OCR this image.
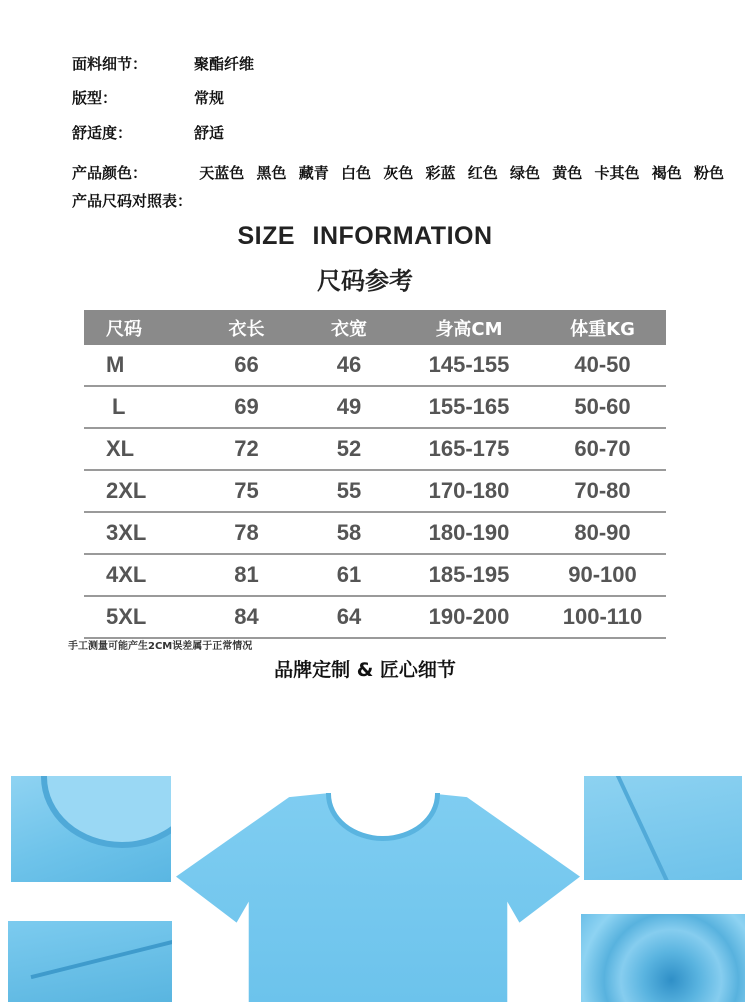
面料细节：	聚酯纤维
版型：	常规
舒适度：	舒适
产品颜色：	天蓝色 黑色 藏青 白色 灰色 彩蓝 红色 绿色 黄色 卡其色 褐色 粉色
产品尺码对照表：
SIZE INFORMATION
尺码参考
尺码	衣长	衣宽	身高CM	体重KG
M	66	46	145-155	40-50
L	69	49	155-165	50-60
XL	72	52	165-175	60-70
2XL	75	55	170-180	70-80
3XL	78	58	180-190	80-90
4XL	81	61	185-195	90-100
5XL	84	64	190-200	100-110
手工测量可能产生2CM误差属于正常情况
品牌定制 & 匠心细节
